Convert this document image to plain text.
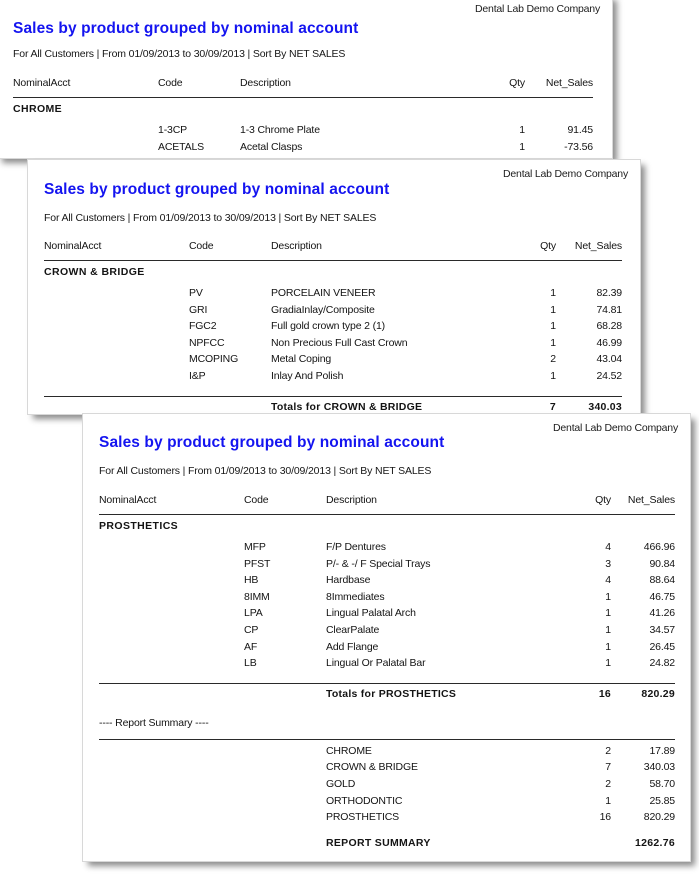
Dental Lab Demo Company
Sales by product grouped by nominal account
For All Customers | From 01/09/2013 to 30/09/2013 | Sort By NET SALES
NominalAcct	Code	Description	Qty		Net_Sales

CHROME					
	1-3CP	1-3 Chrome Plate	1		91.45
	ACETALS	Acetal Clasps	1		-73.56
Dental Lab Demo Company
Sales by product grouped by nominal account
For All Customers | From 01/09/2013 to 30/09/2013 | Sort By NET SALES
NominalAcct	Code	Description	Qty		Net_Sales

CROWN & BRIDGE					
	PV	PORCELAIN VENEER	1		82.39
	GRI	GradiaInlay/Composite	1		74.81
	FGC2	Full gold crown type 2 (1)	1		68.28
	NPFCC	Non Precious Full Cast Crown	1		46.99
	MCOPING	Metal Coping	2		43.04
	I&P	Inlay And Polish	1		24.52

		Totals for CROWN & BRIDGE	7		340.03
Dental Lab Demo Company
Sales by product grouped by nominal account
For All Customers | From 01/09/2013 to 30/09/2013 | Sort By NET SALES
NominalAcct	Code	Description	Qty		Net_Sales

PROSTHETICS					
	MFP	F/P Dentures	4		466.96
	PFST	P/- & -/ F Special Trays	3		90.84
	HB	Hardbase	4		88.64
	8IMM	8Immediates	1		46.75
	LPA	Lingual Palatal Arch	1		41.26
	CP	ClearPalate	1		34.57
	AF	Add Flange	1		26.45
	LB	Lingual Or Palatal Bar	1		24.82

		Totals for PROSTHETICS	16		820.29
---- Report Summary ----					

		CHROME	2		17.89
		CROWN & BRIDGE	7		340.03
		GOLD	2		58.70
		ORTHODONTIC	1		25.85
		PROSTHETICS	16		820.29
		REPORT SUMMARY			1262.76
